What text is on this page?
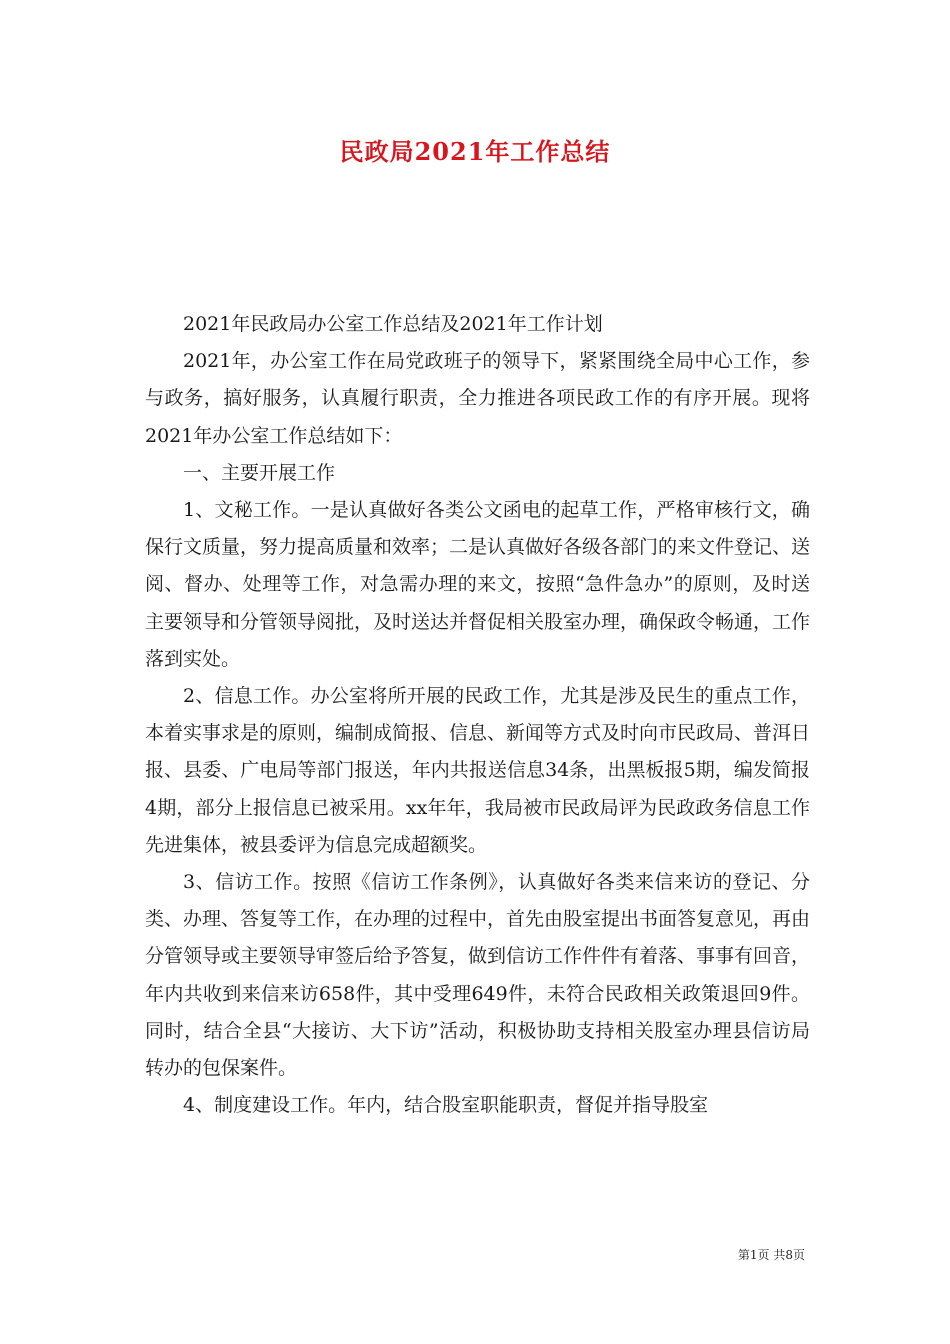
民政局2021年工作总结

2021年民政局办公室工作总结及2021年工作计划

2021年，办公室工作在局党政班子的领导下，紧紧围绕全局中心工作，参与政务，搞好服务，认真履行职责，全力推进各项民政工作的有序开展。现将2021年办公室工作总结如下：

一、主要开展工作

1、文秘工作。一是认真做好各类公文函电的起草工作，严格审核行文，确保行文质量，努力提高质量和效率；二是认真做好各级各部门的来文件登记、送阅、督办、处理等工作，对急需办理的来文，按照“急件急办”的原则，及时送主要领导和分管领导阅批，及时送达并督促相关股室办理，确保政令畅通，工作落到实处。

2、信息工作。办公室将所开展的民政工作，尤其是涉及民生的重点工作，本着实事求是的原则，编制成简报、信息、新闻等方式及时向市民政局、普洱日报、县委、广电局等部门报送，年内共报送信息34条，出黑板报5期，编发简报4期，部分上报信息已被采用。xx年年，我局被市民政局评为民政政务信息工作先进集体，被县委评为信息完成超额奖。

3、信访工作。按照《信访工作条例》，认真做好各类来信来访的登记、分类、办理、答复等工作，在办理的过程中，首先由股室提出书面答复意见，再由分管领导或主要领导审签后给予答复，做到信访工作件件有着落、事事有回音，年内共收到来信来访658件，其中受理649件，未符合民政相关政策退回9件。同时，结合全县“大接访、大下访”活动，积极协助支持相关股室办理县信访局转办的包保案件。

4、制度建设工作。年内，结合股室职能职责，督促并指导股室

第1页 共8页
